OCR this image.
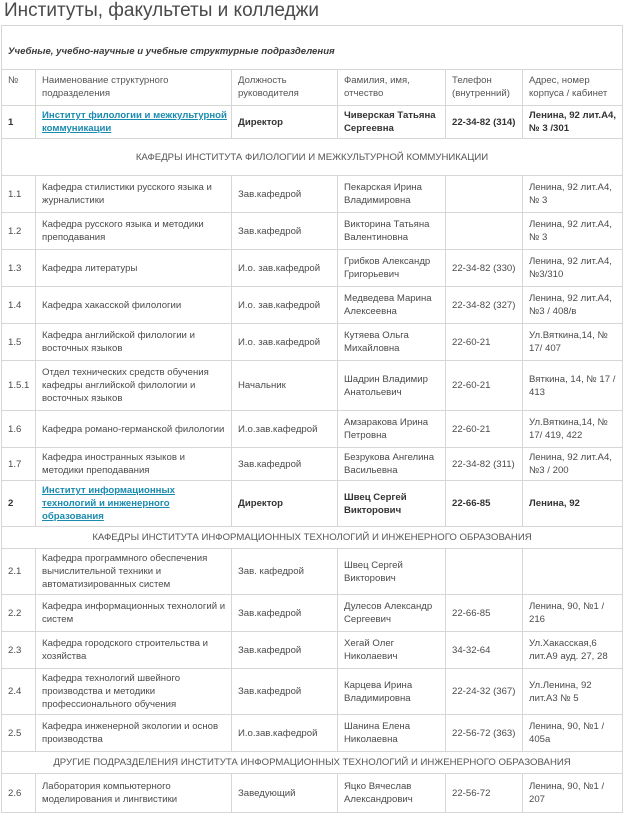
Институты, факультеты и колледжи
Учебные, учебно-научные и учебные структурные подразделения					
№	Наименование структурного подразделения	Должность руководителя	Фамилия, имя, отчество	Телефон (внутренний)	Адрес, номер корпуса / кабинет
1	Институт филологии и межкультурной коммуникации	Директор	Чиверская Татьяна Сергеевна	22-34-82 (314)	Ленина, 92 лит.А4, № 3 /301
КАФЕДРЫ ИНСТИТУТА ФИЛОЛОГИИ И МЕЖКУЛЬТУРНОЙ КОММУНИКАЦИИ					
1.1	Кафедра стилистики русского языка и журналистики	Зав.кафедрой	Пекарская Ирина Владимировна		Ленина, 92 лит.А4, № 3
1.2	Кафедра русского языка и методики преподавания	Зав.кафедрой	Викторина Татьяна Валентиновна		Ленина, 92 лит.А4, № 3
1.3	Кафедра литературы	И.о. зав.кафедрой	Грибков Александр Григорьевич	22-34-82 (330)	Ленина, 92 лит.А4, №3/310
1.4	Кафедра хакасской филологии	И.о. зав.кафедрой	Медведева Марина Алексеевна	22-34-82 (327)	Ленина, 92 лит.А4, №3 / 408/в
1.5	Кафедра английской филологии и восточных языков	И.о. зав.кафедрой	Кутяева Ольга Михайловна	22-60-21	Ул.Вяткина,14, № 17/ 407
1.5.1	Отдел технических средств обучения кафедры английской филологии и восточных языков	Начальник	Шадрин Владимир Анатольевич	22-60-21	Вяткина, 14, № 17 / 413
1.6	Кафедра романо-германской филологии	И.о.зав.кафедрой	Амзаракова Ирина Петровна	22-60-21	Ул.Вяткина,14, № 17/ 419, 422
1.7	Кафедра иностранных языков и методики преподавания	Зав.кафедрой	Безрукова Ангелина Васильевна	22-34-82 (311)	Ленина, 92 лит.А4, №3 / 200
2	Институт информационных технологий и инженерного образования	Директор	Швец Сергей Викторович	22-66-85	Ленина, 92
КАФЕДРЫ ИНСТИТУТА ИНФОРМАЦИОННЫХ ТЕХНОЛОГИЙ И ИНЖЕНЕРНОГО ОБРАЗОВАНИЯ					
2.1	Кафедра программного обеспечения вычислительной техники и автоматизированных систем	Зав. кафедрой	Швец Сергей Викторович		
2.2	Кафедра информационных технологий и систем	Зав.кафедрой	Дулесов Александр Сергеевич	22-66-85	Ленина, 90, №1 / 216
2.3	Кафедра городского строительства и хозяйства	Зав.кафедрой	Хегай Олег Николаевич	34-32-64	Ул.Хакасская,6 лит.А9 ауд. 27, 28
2.4	Кафедра технологий швейного производства и методики профессионального обучения	Зав.кафедрой	Карцева Ирина Владимировна	22-24-32 (367)	Ул.Ленина, 92 лит.А3 № 5
2.5	Кафедра инженерной экологии и основ производства	И.о.зав.кафедрой	Шанина Елена Николаевна	22-56-72 (363)	Ленина, 90, №1 / 405а
ДРУГИЕ ПОДРАЗДЕЛЕНИЯ ИНСТИТУТА ИНФОРМАЦИОННЫХ ТЕХНОЛОГИЙ И ИНЖЕНЕРНОГО ОБРАЗОВАНИЯ					
2.6	Лаборатория компьютерного моделирования и лингвистики	Заведующий	Яцко Вячеслав Александрович	22-56-72	Ленина, 90, №1 / 207
